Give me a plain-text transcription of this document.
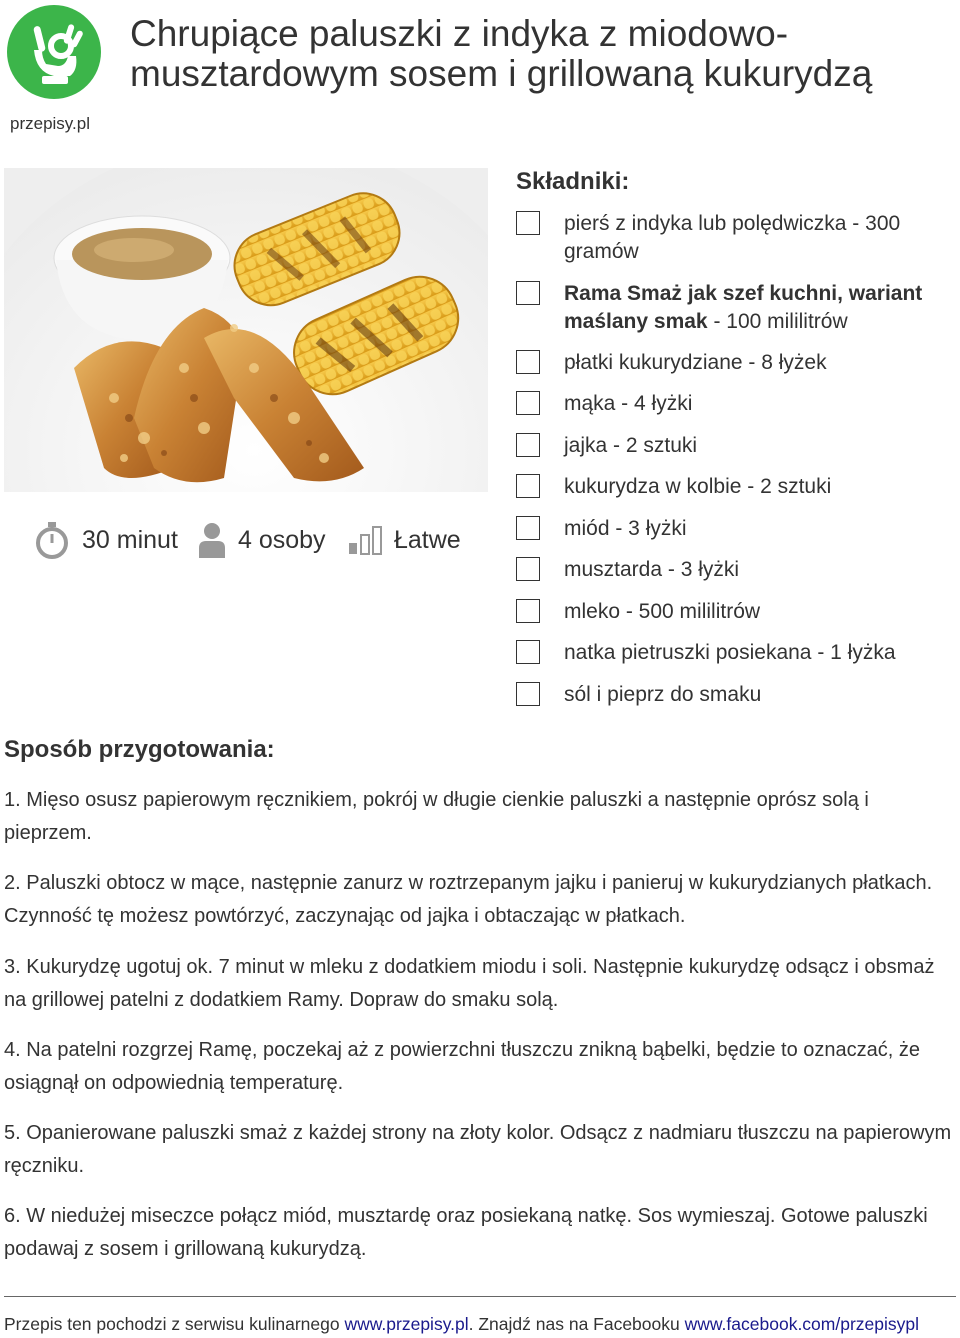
przepisy.pl
Chrupiące paluszki z indyka z miodowo-musztardowym sosem i grillowaną kukurydzą
30 minut 4 osoby	Łatwe
Składniki:
pierś z indyka lub polędwiczka - 300 gramów
Rama Smaż jak szef kuchni, wariant maślany smak - 100 mililitrów
płatki kukurydziane - 8 łyżek
mąka - 4 łyżki
jajka - 2 sztuki
kukurydza w kolbie - 2 sztuki
miód - 3 łyżki
musztarda - 3 łyżki
mleko - 500 mililitrów
natka pietruszki posiekana - 1 łyżka
sól i pieprz do smaku
Sposób przygotowania:

1. Mięso osusz papierowym ręcznikiem, pokrój w długie cienkie paluszki a następnie oprósz solą i pieprzem.

2. Paluszki obtocz w mące, następnie zanurz w roztrzepanym jajku i panieruj w kukurydzianych płatkach. Czynność tę możesz powtórzyć, zaczynając od jajka i obtaczając w płatkach.

3. Kukurydzę ugotuj ok. 7 minut w mleku z dodatkiem miodu i soli. Następnie kukurydzę odsącz i obsmaż na grillowej patelni z dodatkiem Ramy. Dopraw do smaku solą.

4. Na patelni rozgrzej Ramę, poczekaj aż z powierzchni tłuszczu znikną bąbelki, będzie to oznaczać, że osiągnął on odpowiednią temperaturę.

5. Opanierowane paluszki smaż z każdej strony na złoty kolor. Odsącz z nadmiaru tłuszczu na papierowym ręczniku.

6. W niedużej miseczce połącz miód, musztardę oraz posiekaną natkę. Sos wymieszaj. Gotowe paluszki podawaj z sosem i grillowaną kukurydzą.

Przepis ten pochodzi z serwisu kulinarnego www.przepisy.pl. Znajdź nas na Facebooku www.facebook.com/przepisypl
